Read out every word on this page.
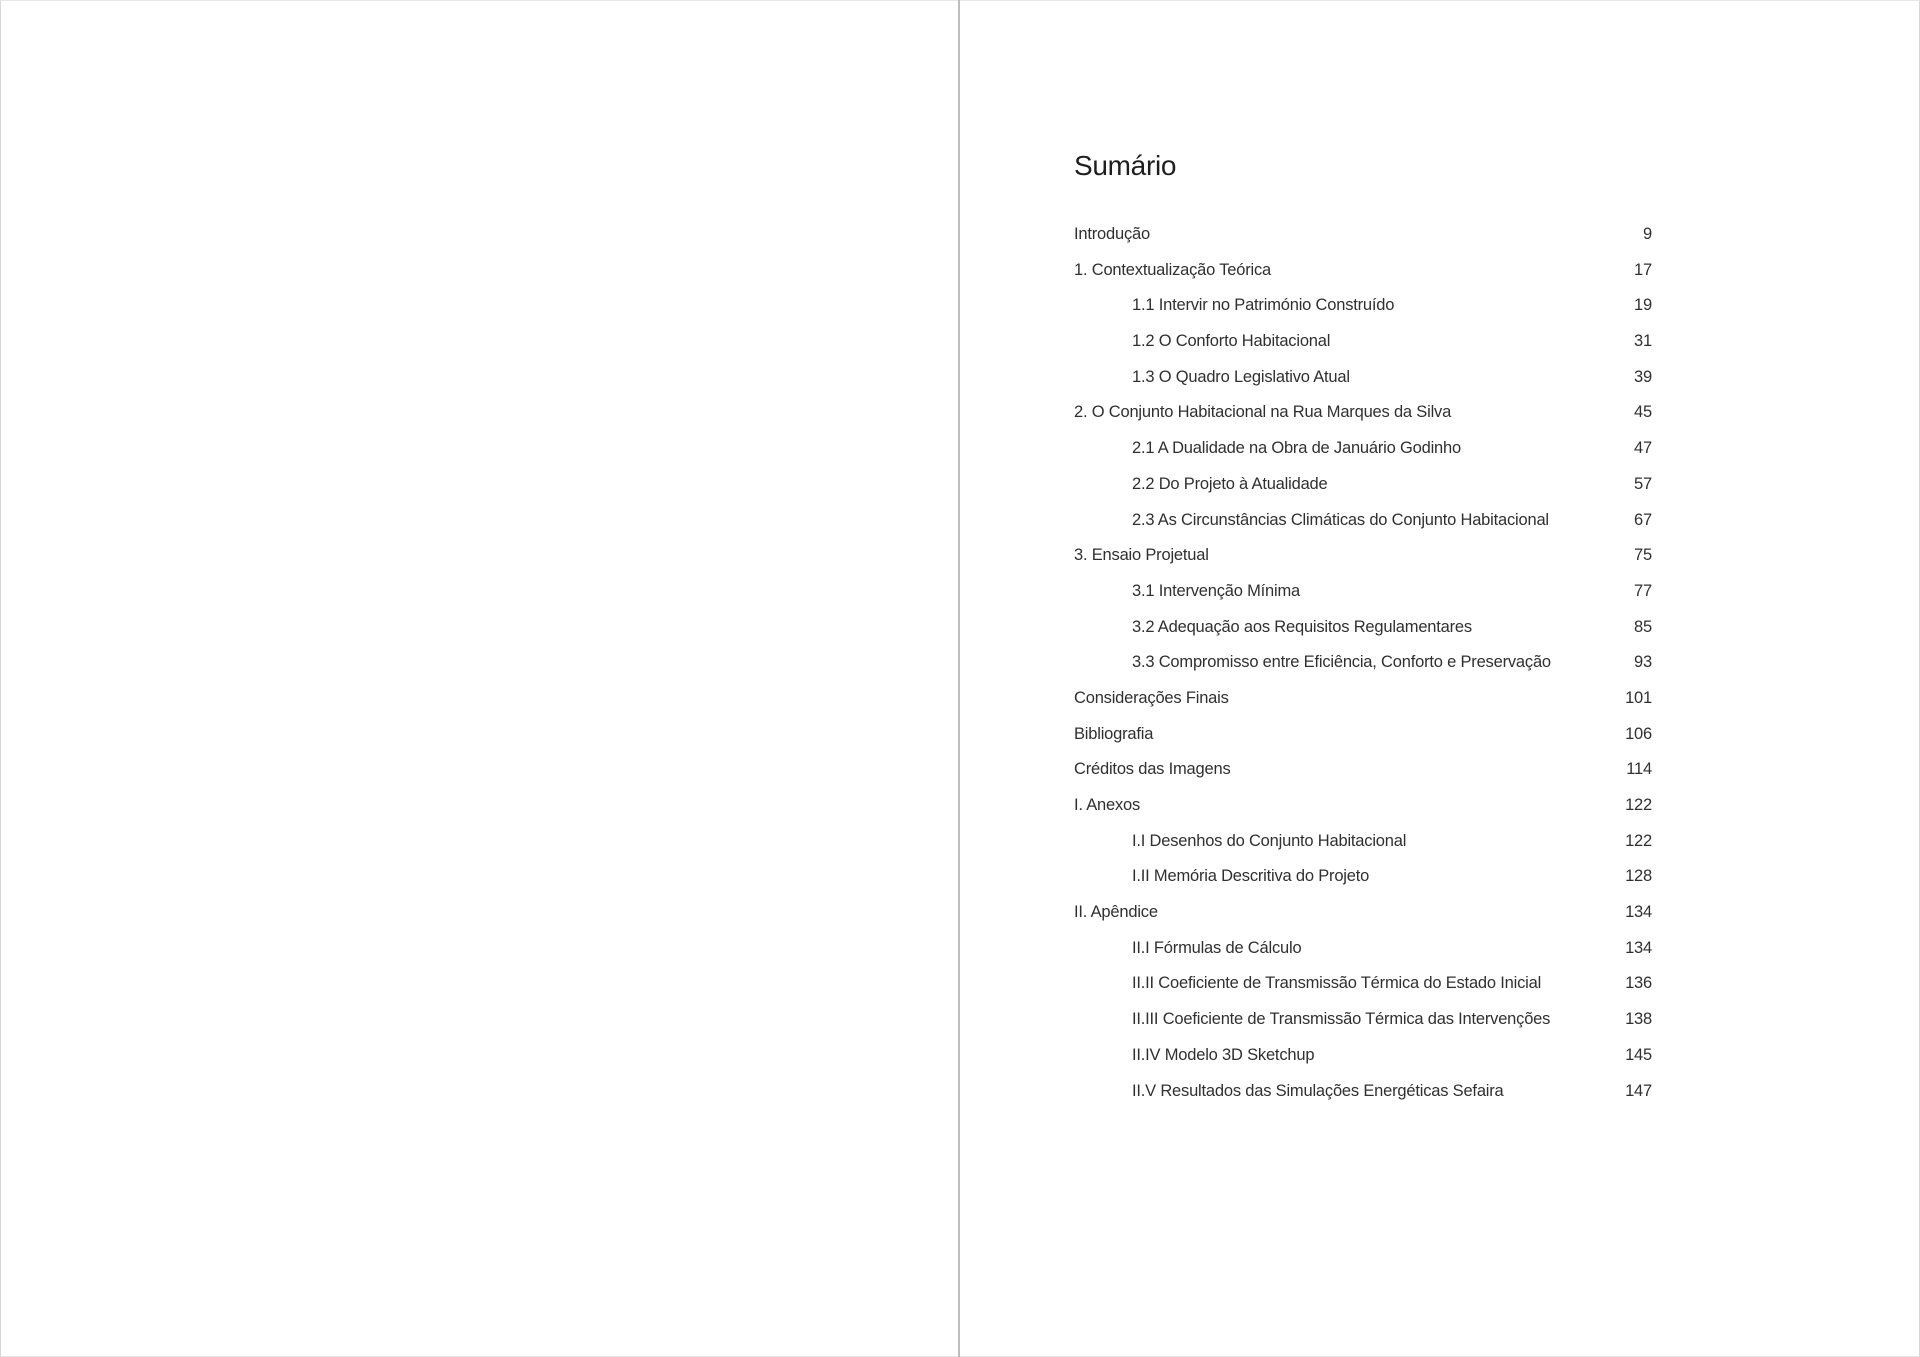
Sumário
Introdução	9
1. Contextualização Teórica	17
1.1 Intervir no Património Construído	19
1.2 O Conforto Habitacional	31
1.3 O Quadro Legislativo Atual	39
2. O Conjunto Habitacional na Rua Marques da Silva	45
2.1 A Dualidade na Obra de Januário Godinho	47
2.2 Do Projeto à Atualidade	57
2.3 As Circunstâncias Climáticas do Conjunto Habitacional	67
3. Ensaio Projetual	75
3.1 Intervenção Mínima	77
3.2 Adequação aos Requisitos Regulamentares	85
3.3 Compromisso entre Eficiência, Conforto e Preservação	93
Considerações Finais	101
Bibliografia	106
Créditos das Imagens	114
I. Anexos	122
I.I Desenhos do Conjunto Habitacional	122
I.II Memória Descritiva do Projeto	128
II. Apêndice	134
II.I Fórmulas de Cálculo	134
II.II Coeficiente de Transmissão Térmica do Estado Inicial	136
II.III Coeficiente de Transmissão Térmica das Intervenções	138
II.IV Modelo 3D Sketchup	145
II.V Resultados das Simulações Energéticas Sefaira	147
